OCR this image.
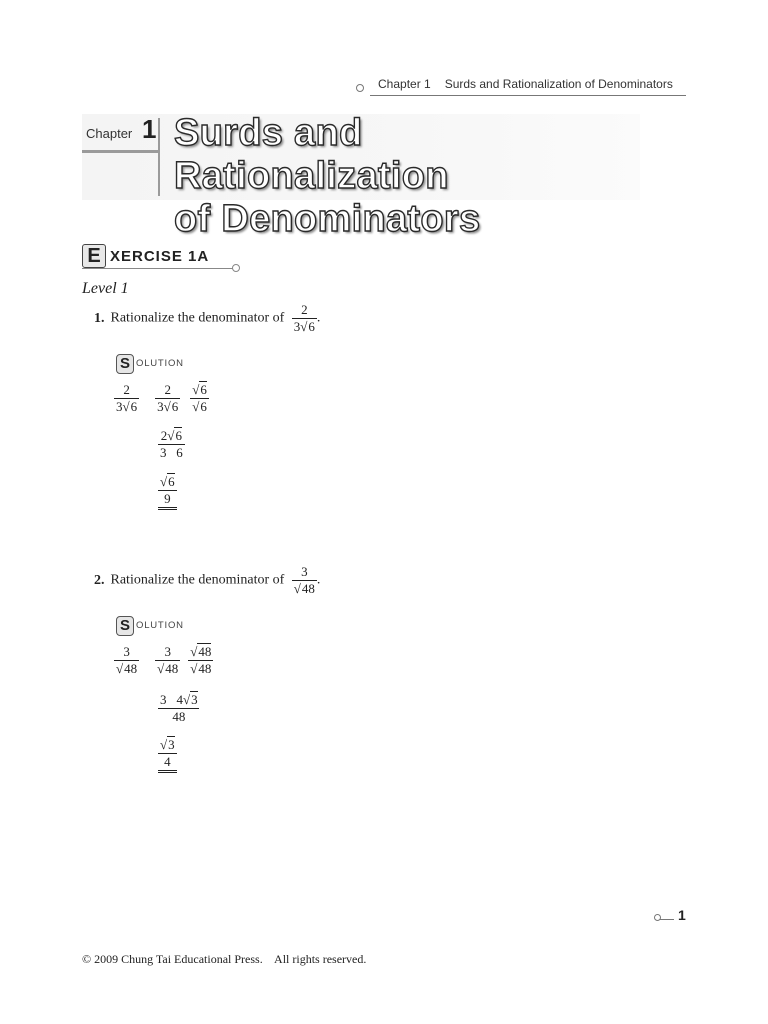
Chapter 1 Surds and Rationalization of Denominators
Chapter 1 Surds and Rationalization
of Denominators
E XERCISE 1A
Level 1
1. Rationalize the denominator of $\frac{2}{3√6}$ .
S OLUTION
$\frac{2}{3√6}$
$\frac{2}{3√6}$
$\frac{√6}{√6}$
$\frac{2√6}{3 6}$
$\frac{√6}{9}$
2. Rationalize the denominator of $\frac{3}{√48}$ .
S OLUTION
$\frac{3}{√48}$
$\frac{3}{√48}$
$\frac{√48}{√48}$
$\frac{3 4√3}{48}$
$\frac{√3}{4}$
1
© 2009 Chung Tai Educational Press.    All rights reserved.
